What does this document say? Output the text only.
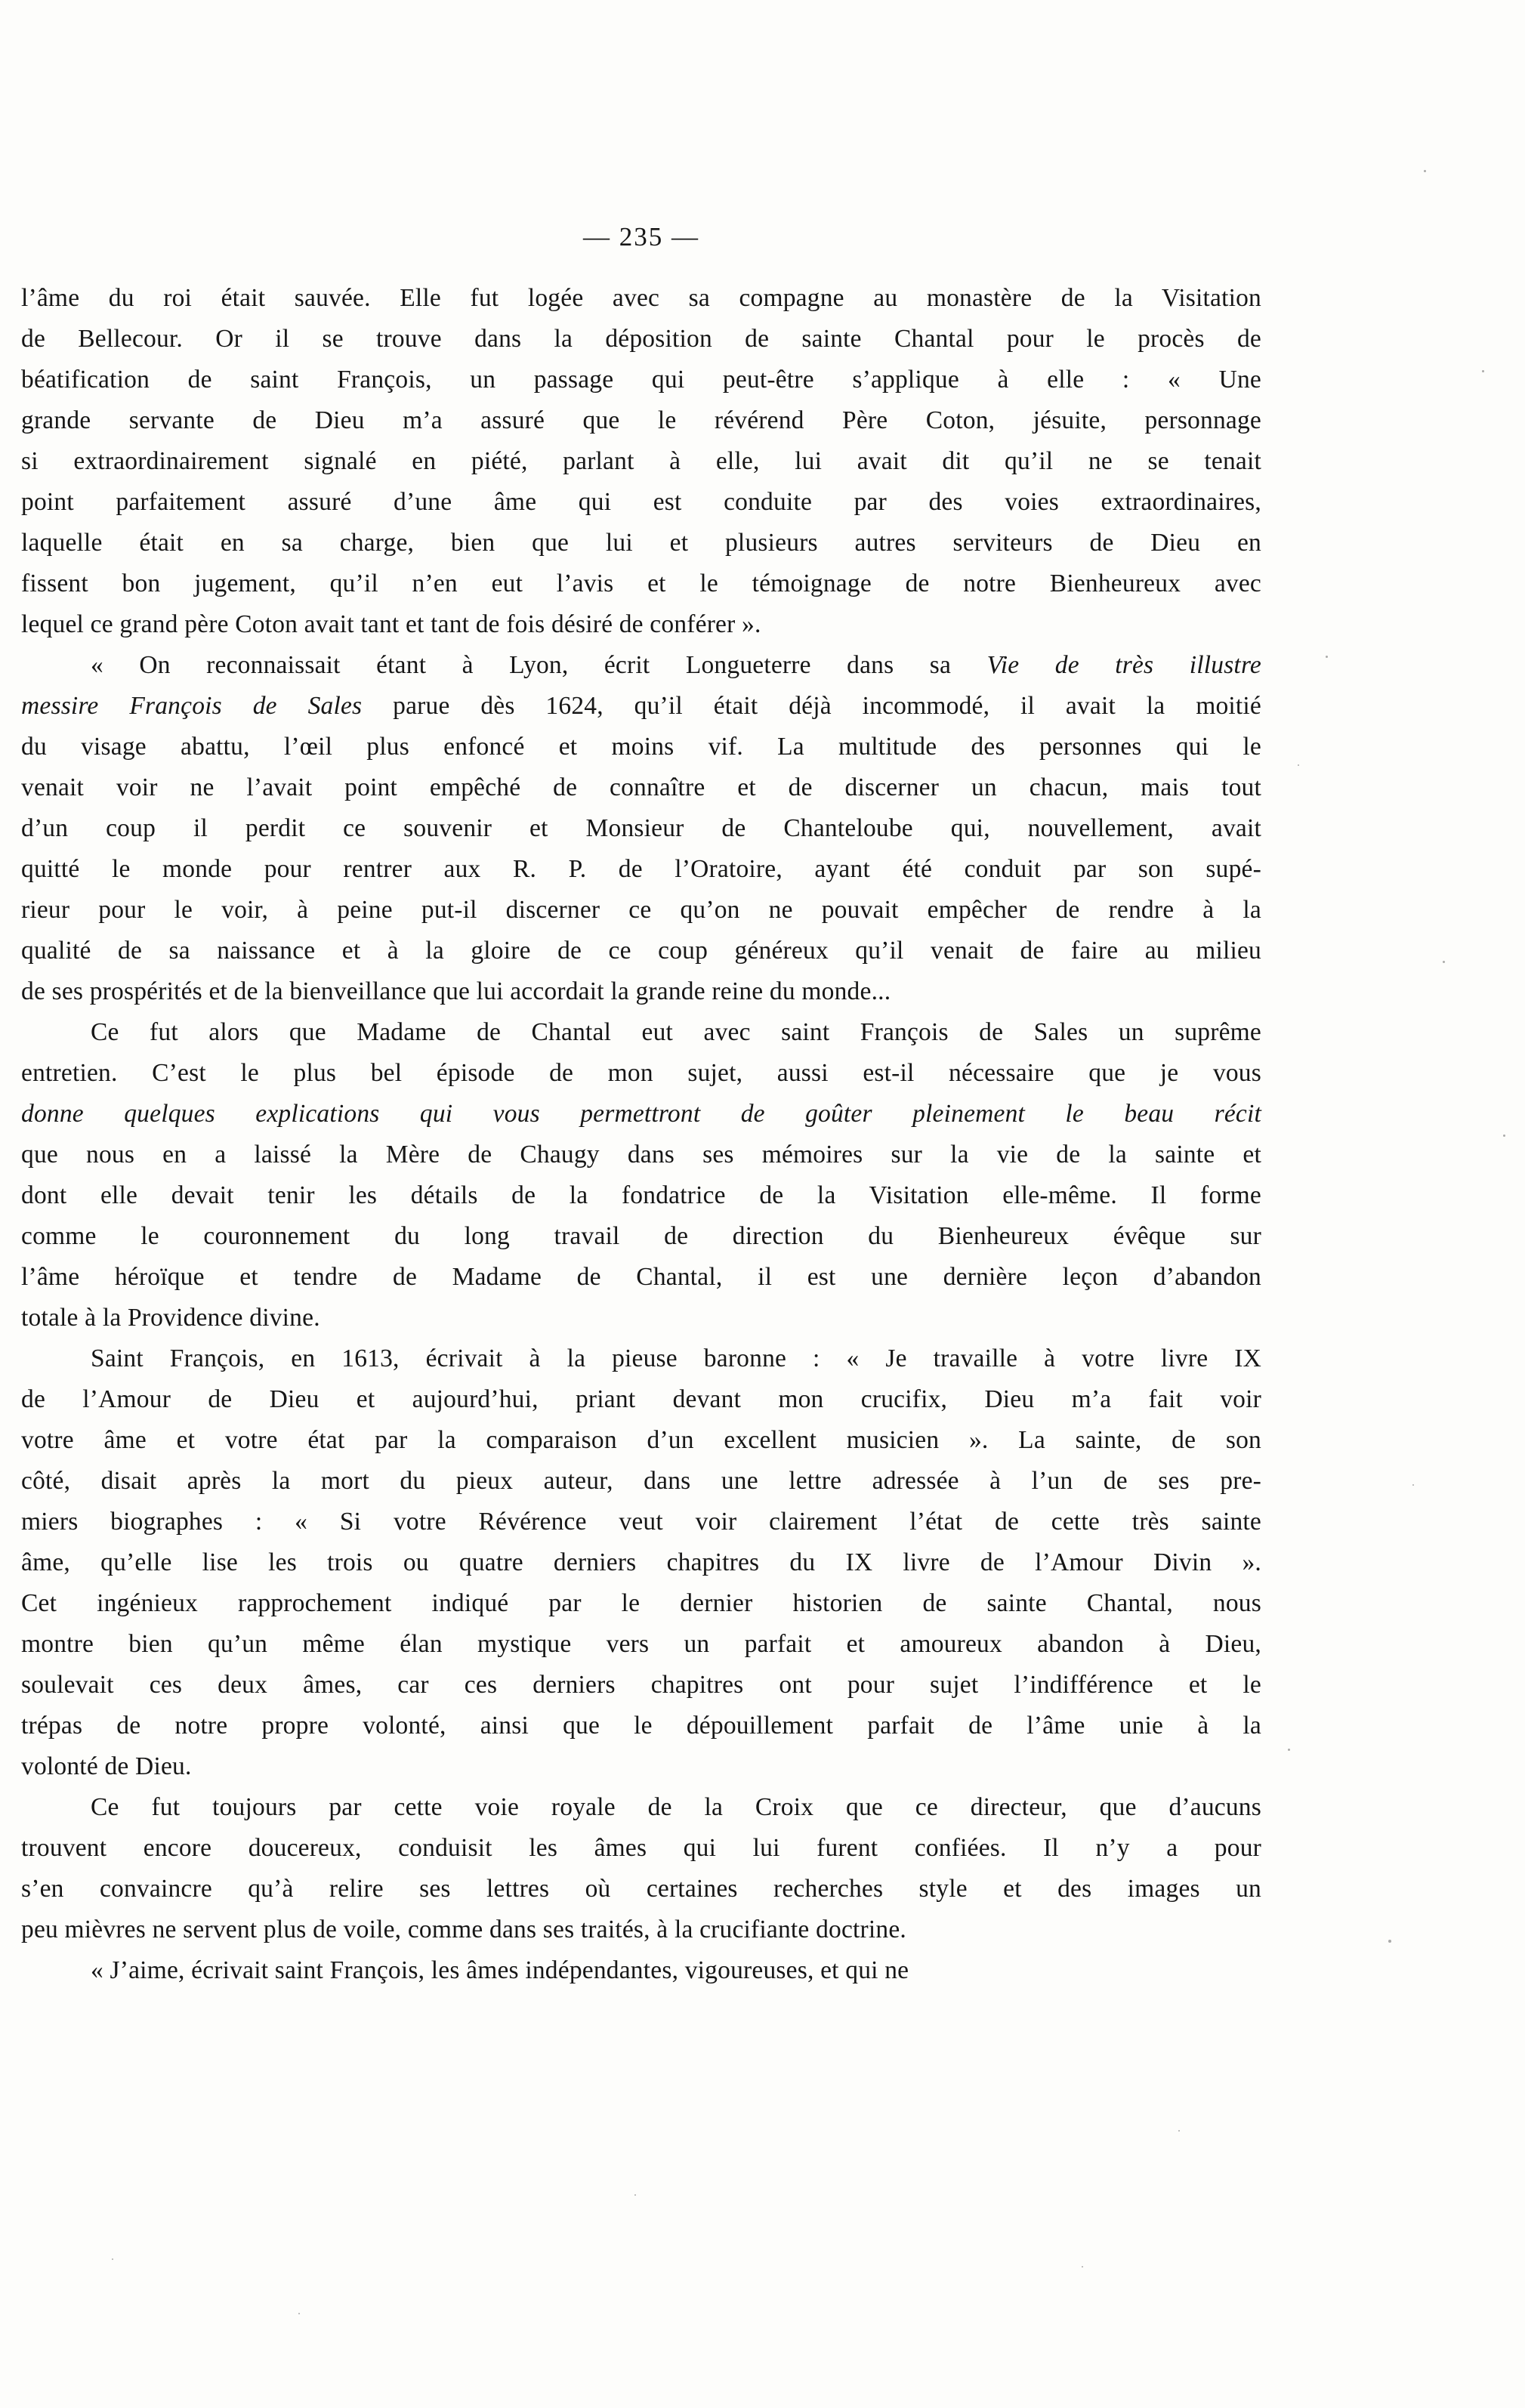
— 235 —
l’âme du roi était sauvée. Elle fut logée avec sa compagne au monastère de la Visitation
de Bellecour. Or il se trouve dans la déposition de sainte Chantal pour le procès de
béatification de saint François, un passage qui peut-être s’applique à elle : « Une
grande servante de Dieu m’a assuré que le révérend Père Coton, jésuite, personnage
si extraordinairement signalé en piété, parlant à elle, lui avait dit qu’il ne se tenait
point parfaitement assuré d’une âme qui est conduite par des voies extraordinaires,
laquelle était en sa charge, bien que lui et plusieurs autres serviteurs de Dieu en
fissent bon jugement, qu’il n’en eut l’avis et le témoignage de notre Bienheureux avec
lequel ce grand père Coton avait tant et tant de fois désiré de conférer ».
« On reconnaissait étant à Lyon, écrit Longueterre dans sa Vie de très illustre
messire François de Sales parue dès 1624, qu’il était déjà incommodé, il avait la moitié
du visage abattu, l’œil plus enfoncé et moins vif. La multitude des personnes qui le
venait voir ne l’avait point empêché de connaître et de discerner un chacun, mais tout
d’un coup il perdit ce souvenir et Monsieur de Chanteloube qui, nouvellement, avait
quitté le monde pour rentrer aux R. P. de l’Oratoire, ayant été conduit par son supé-
rieur pour le voir, à peine put-il discerner ce qu’on ne pouvait empêcher de rendre à la
qualité de sa naissance et à la gloire de ce coup généreux qu’il venait de faire au milieu
de ses prospérités et de la bienveillance que lui accordait la grande reine du monde...
Ce fut alors que Madame de Chantal eut avec saint François de Sales un suprême
entretien. C’est le plus bel épisode de mon sujet, aussi est-il nécessaire que je vous
donne quelques explications qui vous permettront de goûter pleinement le beau récit
que nous en a laissé la Mère de Chaugy dans ses mémoires sur la vie de la sainte et
dont elle devait tenir les détails de la fondatrice de la Visitation elle-même. Il forme
comme le couronnement du long travail de direction du Bienheureux évêque sur
l’âme héroïque et tendre de Madame de Chantal, il est une dernière leçon d’abandon
totale à la Providence divine.
Saint François, en 1613, écrivait à la pieuse baronne : « Je travaille à votre livre IX
de l’Amour de Dieu et aujourd’hui, priant devant mon crucifix, Dieu m’a fait voir
votre âme et votre état par la comparaison d’un excellent musicien ». La sainte, de son
côté, disait après la mort du pieux auteur, dans une lettre adressée à l’un de ses pre-
miers biographes : « Si votre Révérence veut voir clairement l’état de cette très sainte
âme, qu’elle lise les trois ou quatre derniers chapitres du IX livre de l’Amour Divin ».
Cet ingénieux rapprochement indiqué par le dernier historien de sainte Chantal, nous
montre bien qu’un même élan mystique vers un parfait et amoureux abandon à Dieu,
soulevait ces deux âmes, car ces derniers chapitres ont pour sujet l’indifférence et le
trépas de notre propre volonté, ainsi que le dépouillement parfait de l’âme unie à la
volonté de Dieu.
Ce fut toujours par cette voie royale de la Croix que ce directeur, que d’aucuns
trouvent encore doucereux, conduisit les âmes qui lui furent confiées. Il n’y a pour
s’en convaincre qu’à relire ses lettres où certaines recherches style et des images un
peu mièvres ne servent plus de voile, comme dans ses traités, à la crucifiante doctrine.
« J’aime, écrivait saint François, les âmes indépendantes, vigoureuses, et qui ne
